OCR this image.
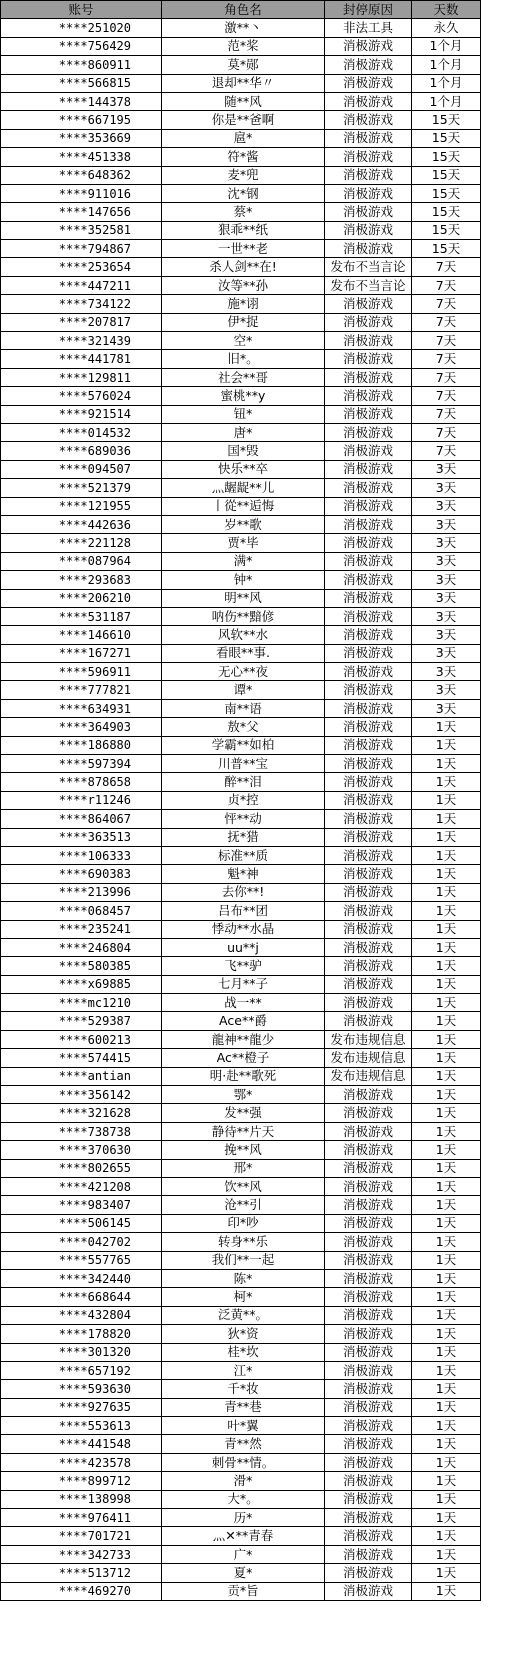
账号	角色名	封停原因	天数
****251020	激**丶	非法工具	永久
****756429	范*桨	消极游戏	1个月
****860911	莫*郧	消极游戏	1个月
****566815	退却**华〃	消极游戏	1个月
****144378	随**风	消极游戏	1个月
****667195	你是**爸啊	消极游戏	15天
****353669	扈*	消极游戏	15天
****451338	符*酱	消极游戏	15天
****648362	麦*兜	消极游戏	15天
****911016	沈*钢	消极游戏	15天
****147656	蔡*	消极游戏	15天
****352581	狠乖**纸	消极游戏	15天
****794867	一世**老	消极游戏	15天
****253654	杀人剑**在!	发布不当言论	7天
****447211	汝等**孙	发布不当言论	7天
****734122	施*诩	消极游戏	7天
****207817	伊*捉	消极游戏	7天
****321439	空*	消极游戏	7天
****441781	旧*。	消极游戏	7天
****129811	社会**哥	消极游戏	7天
****576024	蜜桃**y	消极游戏	7天
****921514	钮*	消极游戏	7天
****014532	唐*	消极游戏	7天
****689036	国*毁	消极游戏	7天
****094507	快乐**卒	消极游戏	3天
****521379	灬龌龊**儿	消极游戏	3天
****121955	丨從**逅悔	消极游戏	3天
****442636	岁**歌	消极游戏	3天
****221128	贾*毕	消极游戏	3天
****087964	满*	消极游戏	3天
****293683	钟*	消极游戏	3天
****206210	明**风	消极游戏	3天
****531187	呐伤**黯偐	消极游戏	3天
****146610	风软**水	消极游戏	3天
****167271	看眼**事.	消极游戏	3天
****596911	无心**夜	消极游戏	3天
****777821	谭*	消极游戏	3天
****634931	南**语	消极游戏	3天
****364903	敖*父	消极游戏	1天
****186880	学霸**如柏	消极游戏	1天
****597394	川普**宝	消极游戏	1天
****878658	醉**泪	消极游戏	1天
****r11246	贞*控	消极游戏	1天
****864067	怦**动	消极游戏	1天
****363513	抚*猎	消极游戏	1天
****106333	标准**质	消极游戏	1天
****690383	魁*神	消极游戏	1天
****213996	去你**!	消极游戏	1天
****068457	吕布**团	消极游戏	1天
****235241	悸动**水晶	消极游戏	1天
****246804	uu**j	消极游戏	1天
****580385	飞**驴	消极游戏	1天
****x69885	七月**子	消极游戏	1天
****mc1210	战一**	消极游戏	1天
****529387	Ace**爵	消极游戏	1天
****600213	龍神**龍少	发布违规信息	1天
****574415	Ac**橙子	发布违规信息	1天
****antian	明·赴**歌死	发布违规信息	1天
****356142	鄂*	消极游戏	1天
****321628	发**强	消极游戏	1天
****738738	静待**片天	消极游戏	1天
****370630	挽**风	消极游戏	1天
****802655	邢*	消极游戏	1天
****421208	饮**风	消极游戏	1天
****983407	沧**引	消极游戏	1天
****506145	印*吵	消极游戏	1天
****042702	转身**乐	消极游戏	1天
****557765	我们**一起	消极游戏	1天
****342440	陈*	消极游戏	1天
****668644	柯*	消极游戏	1天
****432804	泛黄**。	消极游戏	1天
****178820	狄*资	消极游戏	1天
****301320	桂*坎	消极游戏	1天
****657192	江*	消极游戏	1天
****593630	千*妆	消极游戏	1天
****927635	青**巷	消极游戏	1天
****553613	叶*翼	消极游戏	1天
****441548	青**然	消极游戏	1天
****423578	刺骨**情。	消极游戏	1天
****899712	滑*	消极游戏	1天
****138998	大*。	消极游戏	1天
****976411	历*	消极游戏	1天
****701721	灬✕**青春	消极游戏	1天
****342733	广*	消极游戏	1天
****513712	夏*	消极游戏	1天
****469270	贡*旨	消极游戏	1天
